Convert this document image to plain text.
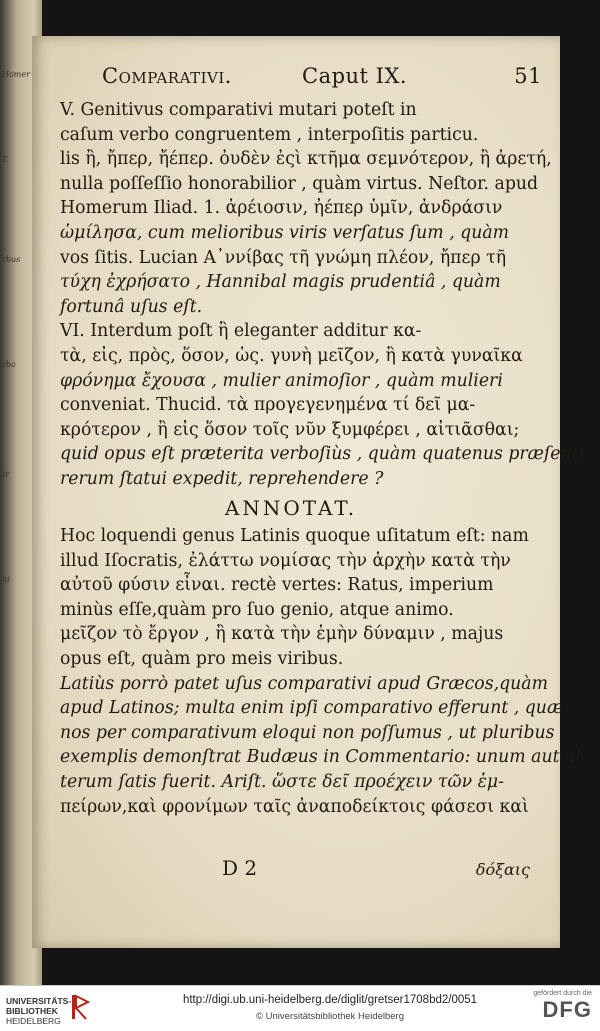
Homer
T.
rbus
rba
tr
ni
Comparativi.	Caput IX.	51
V. Genitivus comparativi mutari poteſt in
caſum verbo congruentem , interpoſitis particu.
lis ἢ, ἤπερ, ἤέπερ. ὀυδὲν ἐςὶ κτῆμα σεμνότερον, ἢ ἀρετή,
nulla poſſeſſio honorabilior , quàm virtus. Neſtor. apud
Homerum Iliad. 1. ἀρέιοσιν, ἠέπερ ὑμῖν, ἀνδράσιν
ὡμίλησα, cum melioribus viris verſatus ſum , quàm
vos ſitis. Lucian Α᾽ννίβας τῆ γνώμη πλέον, ἤπερ τῆ
τύχη ἐχρήσατο , Hannibal magis prudentiâ , quàm
fortunâ uſus eſt.
VI. Interdum poſt ἢ eleganter additur κα-
τὰ, εἰς, πρὸς, ὅσον, ὡς. γυνὴ μεῖζον, ἢ κατὰ γυναῖκα
φρόνημα ἔχουσα , mulier animoſior , quàm mulieri
conveniat. Thucid. τὰ προγεγενημένα τί δεῖ μα-
κρότερον , ἢ εἰς ὅσον τοῖς νῦν ξυμφέρει , αἰτιᾶσθαι;
quid opus eſt præterita verboſiùs , quàm quatenus præſenti
rerum ſtatui expedit, reprehendere ?
ANNOTAT.
Hoc loquendi genus Latinis quoque uſitatum eſt: nam
illud Iſocratis, ἐλάττω νομίσας τὴν ἀρχὴν κατὰ τὴν
αὐτοῦ φύσιν εἶναι. rectè vertes: Ratus, imperium
minùs eſſe,quàm pro ſuo genio, atque animo.
μεῖζον τὸ ἔργον , ἢ κατὰ τὴν ἐμὴν δύναμιν , majus
opus eſt, quàm pro meis viribus.
Latiùs porrò patet uſus comparativi apud Græcos,quàm
apud Latinos; multa enim ipſi comparativo efferunt , quæ
nos per comparativum eloqui non poſſumus , ut pluribus
exemplis demonſtrat Budæus in Commentario: unum aut al-
terum ſatis fuerit. Ariſt. ὥστε δεῖ προέχειν τῶν ἐμ-
πείρων,καὶ φρονίμων ταῖς ἀναποδείκτοις φάσεσι καὶ
D 2	δόξαις
UNIVERSITÄTS-
BIBLIOTHEK
HEIDELBERG
http://digi.ub.uni-heidelberg.de/diglit/gretser1708bd2/0051
© Universitätsbibliothek Heidelberg
gefördert durch die
DFG
